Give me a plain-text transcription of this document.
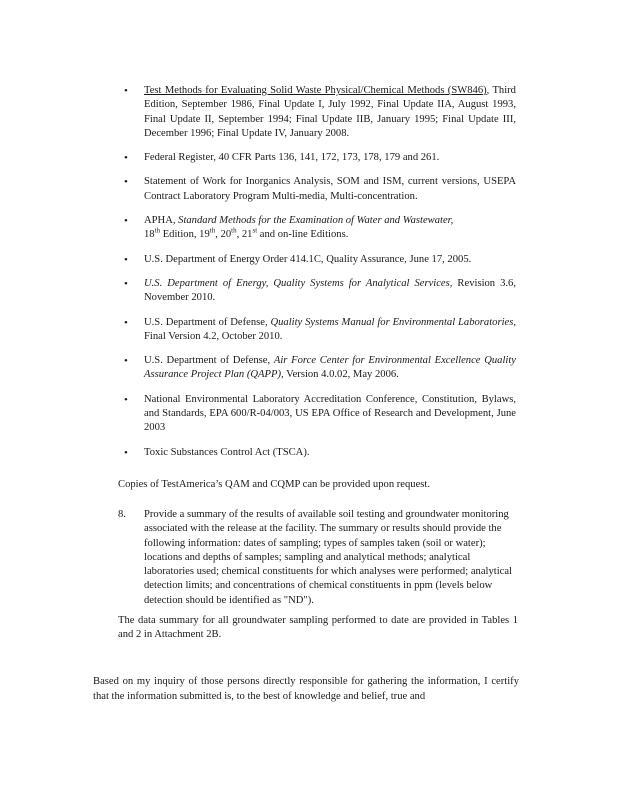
• Test Methods for Evaluating Solid Waste Physical/Chemical Methods (SW846), Third Edition, September 1986, Final Update I, July 1992, Final Update IIA, August 1993, Final Update II, September 1994; Final Update IIB, January 1995; Final Update III, December 1996; Final Update IV, January 2008.
• Federal Register, 40 CFR Parts 136, 141, 172, 173, 178, 179 and 261.
• Statement of Work for Inorganics Analysis, SOM and ISM, current versions, USEPA Contract Laboratory Program Multi-media, Multi-concentration.
• APHA, Standard Methods for the Examination of Water and Wastewater,
18th Edition, 19th, 20th, 21st and on-line Editions.
• U.S. Department of Energy Order 414.1C, Quality Assurance, June 17, 2005.
• U.S. Department of Energy, Quality Systems for Analytical Services, Revision 3.6, November 2010.
• U.S. Department of Defense, Quality Systems Manual for Environmental Laboratories, Final Version 4.2, October 2010.
• U.S. Department of Defense, Air Force Center for Environmental Excellence Quality Assurance Project Plan (QAPP), Version 4.0.02, May 2006.
• National Environmental Laboratory Accreditation Conference, Constitution, Bylaws, and Standards, EPA 600/R-04/003, US EPA Office of Research and Development, June 2003
• Toxic Substances Control Act (TSCA).

Copies of TestAmerica’s QAM and CQMP can be provided upon request.

8. Provide a summary of the results of available soil testing and groundwater monitoring associated with the release at the facility. The summary or results should provide the following information: dates of sampling; types of samples taken (soil or water); locations and depths of samples; sampling and analytical methods; analytical laboratories used; chemical constituents for which analyses were performed; analytical detection limits; and concentrations of chemical constituents in ppm (levels below detection should be identified as "ND").

The data summary for all groundwater sampling performed to date are provided in Tables 1 and 2 in Attachment 2B.

Based on my inquiry of those persons directly responsible for gathering the information, I certify that the information submitted is, to the best of knowledge and belief, true and
